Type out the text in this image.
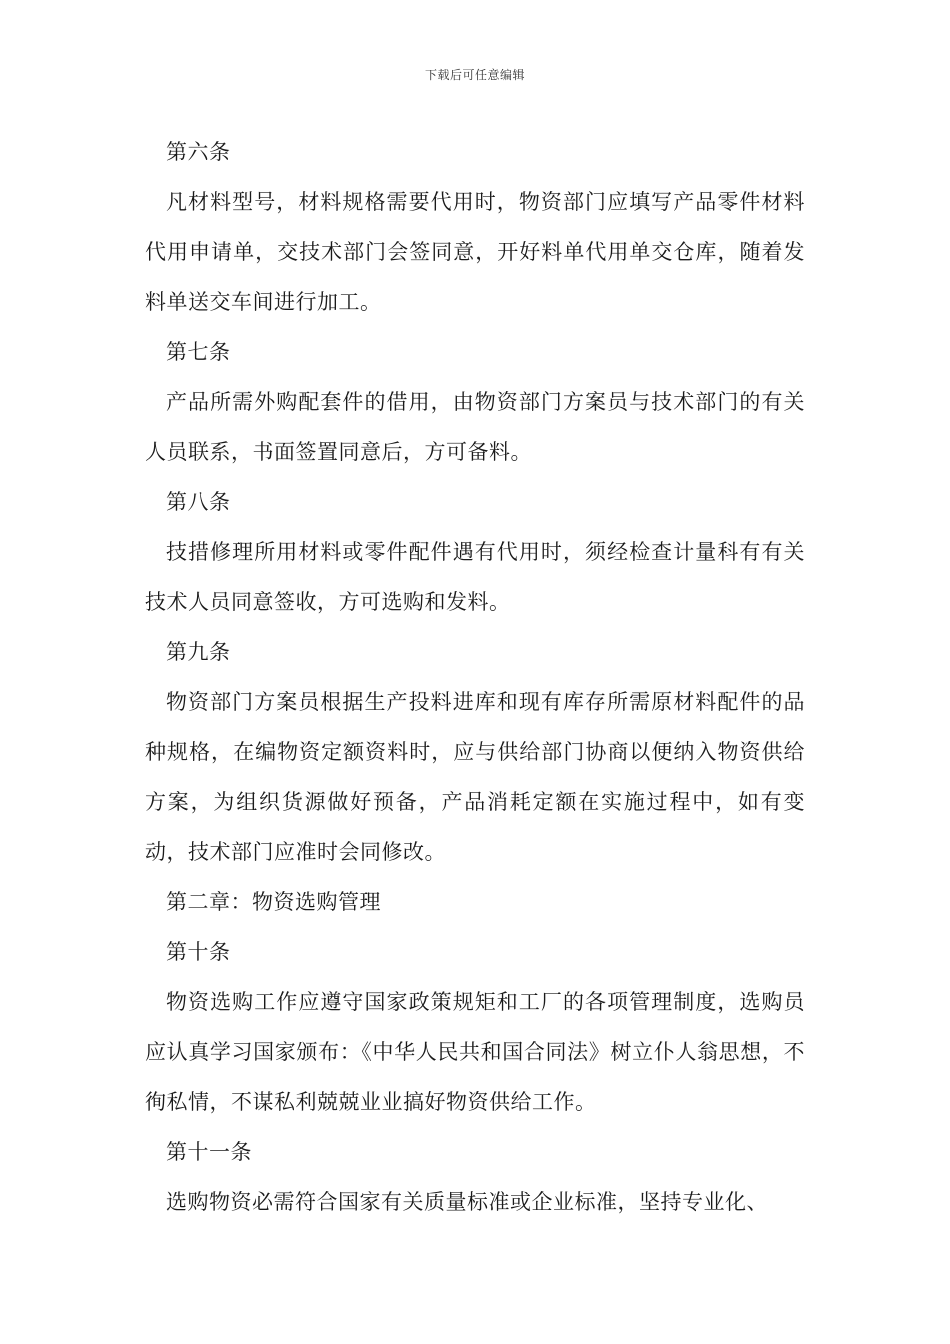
下载后可任意编辑

第六条

凡材料型号，材料规格需要代用时，物资部门应填写产品零件材料代用申请单，交技术部门会签同意，开好料单代用单交仓库，随着发料单送交车间进行加工。

第七条

产品所需外购配套件的借用，由物资部门方案员与技术部门的有关人员联系，书面签置同意后，方可备料。

第八条

技措修理所用材料或零件配件遇有代用时，须经检查计量科有有关技术人员同意签收，方可选购和发料。

第九条

物资部门方案员根据生产投料进库和现有库存所需原材料配件的品种规格，在编物资定额资料时，应与供给部门协商以便纳入物资供给方案，为组织货源做好预备，产品消耗定额在实施过程中，如有变动，技术部门应准时会同修改。

第二章：物资选购管理

第十条

物资选购工作应遵守国家政策规矩和工厂的各项管理制度，选购员应认真学习国家颁布：《中华人民共和国合同法》树立仆人翁思想，不徇私情，不谋私利兢兢业业搞好物资供给工作。

第十一条

选购物资必需符合国家有关质量标准或企业标准，坚持专业化、
